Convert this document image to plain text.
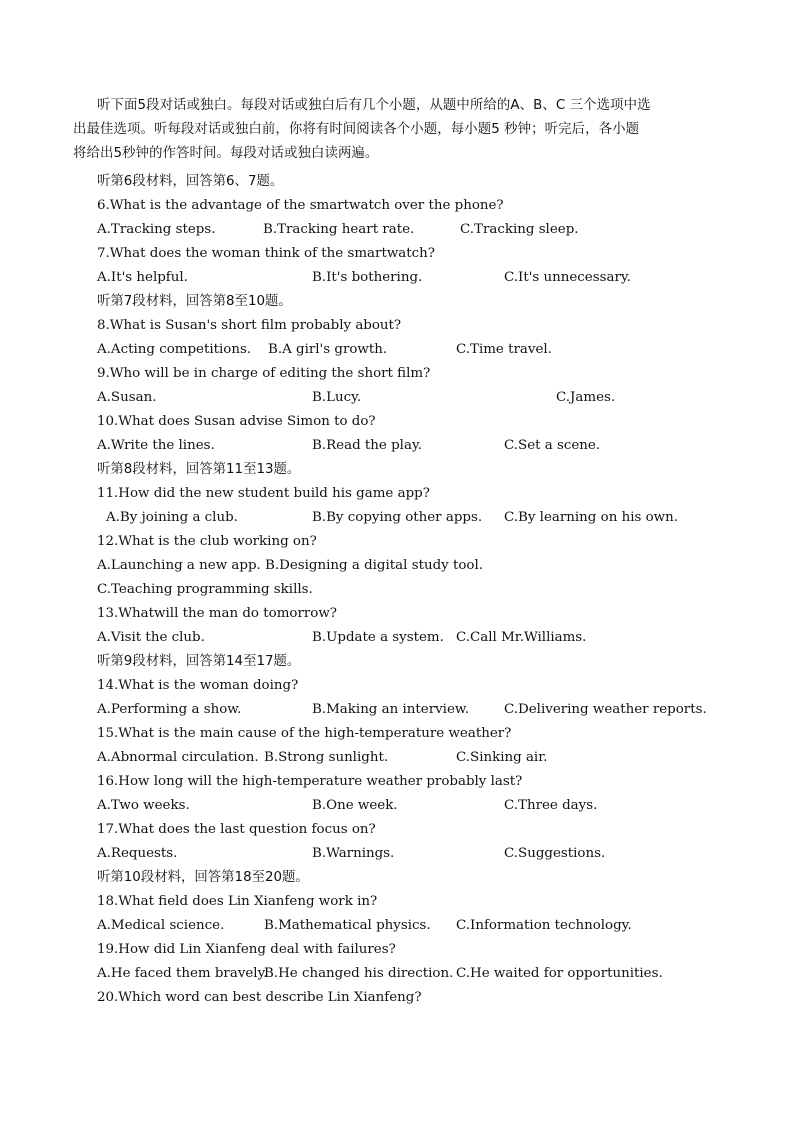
听下面5段对话或独白。每段对话或独白后有几个小题，从题中所给的A、B、C 三个选项中选
出最佳选项。听每段对话或独白前，你将有时间阅读各个小题，每小题5 秒钟；听完后，各小题
将给出5秒钟的作答时间。每段对话或独白读两遍。
听第6段材料，回答第6、7题。
6.What is the advantage of the smartwatch over the phone?
A.Tracking steps.	B.Tracking heart rate.	C.Tracking sleep.
7.What does the woman think of the smartwatch?
A.It's helpful.	B.It's bothering.	C.It's unnecessary.
听第7段材料，回答第8至10题。
8.What is Susan's short film probably about?
A.Acting competitions. B.A girl's growth.	C.Time travel.
9.Who will be in charge of editing the short film?
A.Susan.	B.Lucy.	C.James.
10.What does Susan advise Simon to do?
A.Write the lines.	B.Read the play.	C.Set a scene.
听第8段材料，回答第11至13题。
11.How did the new student build his game app?
A.By joining a club.	B.By copying other apps. C.By learning on his own.
12.What is the club working on?
A.Launching a new app. B.Designing a digital study tool.
C.Teaching programming skills.
13.Whatwill the man do tomorrow?
A.Visit the club.	B.Update a system. C.Call Mr.Williams.
听第9段材料，回答第14至17题。
14.What is the woman doing?
A.Performing a show.	B.Making an interview.	C.Delivering weather reports.
15.What is the main cause of the high-temperature weather?
A.Abnormal circulation. B.Strong sunlight.	C.Sinking air.
16.How long will the high-temperature weather probably last?
A.Two weeks.	B.One week.	C.Three days.
17.What does the last question focus on?
A.Requests.	B.Warnings.	C.Suggestions.
听第10段材料，回答第18至20题。
18.What field does Lin Xianfeng work in?
A.Medical science.	B.Mathematical physics. C.Information technology.
19.How did Lin Xianfeng deal with failures?
A.He faced them bravely.
B.He changed his direction. C.He waited for opportunities.
20.Which word can best describe Lin Xianfeng?
